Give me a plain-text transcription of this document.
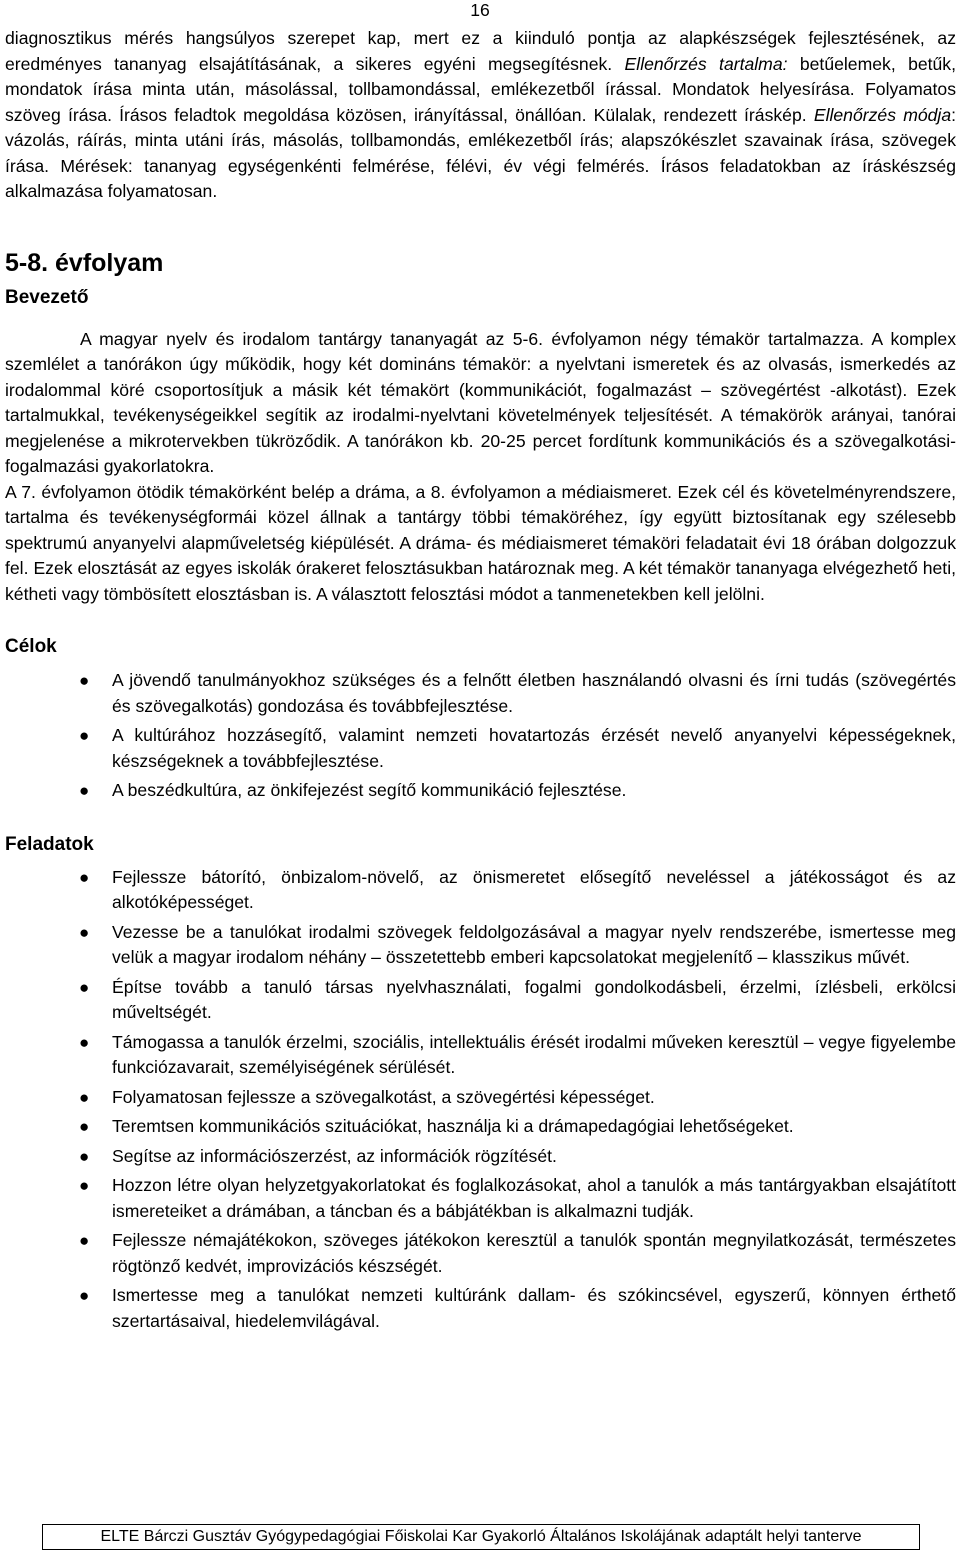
16

diagnosztikus mérés hangsúlyos szerepet kap, mert ez a kiinduló pontja az alapkészségek fejlesztésének, az eredményes tananyag elsajátításának, a sikeres egyéni megsegítésnek. Ellenőrzés tartalma: betűelemek, betűk, mondatok írása minta után, másolással, tollbamondással, emlékezetből írással. Mondatok helyesírása. Folyamatos szöveg írása. Írásos feladtok megoldása közösen, irányítással, önállóan. Külalak, rendezett íráskép. Ellenőrzés módja: vázolás, ráírás, minta utáni írás, másolás, tollbamondás, emlékezetből írás; alapszókészlet szavainak írása, szövegek írása. Mérések: tananyag egységenkénti felmérése, félévi, év végi felmérés. Írásos feladatokban az íráskészség alkalmazása folyamatosan.

5-8. évfolyam
Bevezető

A magyar nyelv és irodalom tantárgy tananyagát az 5-6. évfolyamon négy témakör tartalmazza. A komplex szemlélet a tanórákon úgy működik, hogy két domináns témakör: a nyelvtani ismeretek és az olvasás, ismerkedés az irodalommal köré csoportosítjuk a másik két témakört (kommunikációt, fogalmazást – szövegértést -alkotást). Ezek tartalmukkal, tevékenységeikkel segítik az irodalmi-nyelvtani követelmények teljesítését. A témakörök arányai, tanórai megjelenése a mikrotervekben tükröződik. A tanórákon kb. 20-25 percet fordítunk kommunikációs és a szövegalkotási-fogalmazási gyakorlatokra.

A 7. évfolyamon ötödik témakörként belép a dráma, a 8. évfolyamon a médiaismeret. Ezek cél és követelményrendszere, tartalma és tevékenységformái közel állnak a tantárgy többi témaköréhez, így együtt biztosítanak egy szélesebb spektrumú anyanyelvi alapműveletség kiépülését. A dráma- és médiaismeret témaköri feladatait évi 18 órában dolgozzuk fel. Ezek elosztását az egyes iskolák órakeret felosztásukban határoznak meg. A két témakör tananyaga elvégezhető heti, kétheti vagy tömbösített elosztásban is. A választott felosztási módot a tanmenetekben kell jelölni.

Célok
● A jövendő tanulmányokhoz szükséges és a felnőtt életben használandó olvasni és írni tudás (szövegértés és szövegalkotás) gondozása és továbbfejlesztése.
● A kultúrához hozzásegítő, valamint nemzeti hovatartozás érzését nevelő anyanyelvi képességeknek, készségeknek a továbbfejlesztése.
● A beszédkultúra, az önkifejezést segítő kommunikáció fejlesztése.
Feladatok
● Fejlessze bátorító, önbizalom-növelő, az önismeretet elősegítő neveléssel a játékosságot és az alkotóképességet.
● Vezesse be a tanulókat irodalmi szövegek feldolgozásával a magyar nyelv rendszerébe, ismertesse meg velük a magyar irodalom néhány – összetettebb emberi kapcsolatokat megjelenítő – klasszikus művét.
● Építse tovább a tanuló társas nyelvhasználati, fogalmi gondolkodásbeli, érzelmi, ízlésbeli, erkölcsi műveltségét.
● Támogassa a tanulók érzelmi, szociális, intellektuális érését irodalmi műveken keresztül – vegye figyelembe funkciózavarait, személyiségének sérülését.
● Folyamatosan fejlessze a szövegalkotást, a szövegértési képességet.
● Teremtsen kommunikációs szituációkat, használja ki a drámapedagógiai lehetőségeket.
● Segítse az információszerzést, az információk rögzítését.
● Hozzon létre olyan helyzetgyakorlatokat és foglalkozásokat, ahol a tanulók a más tantárgyakban elsajátított ismereteiket a drámában, a táncban és a bábjátékban is alkalmazni tudják.
● Fejlessze némajátékokon, szöveges játékokon keresztül a tanulók spontán megnyilatkozását, természetes rögtönző kedvét, improvizációs készségét.
● Ismertesse meg a tanulókat nemzeti kultúránk dallam- és szókincsével, egyszerű, könnyen érthető szertartásaival, hiedelemvilágával.
ELTE Bárczi Gusztáv Gyógypedagógiai Főiskolai Kar Gyakorló Általános Iskolájának adaptált helyi tanterve
